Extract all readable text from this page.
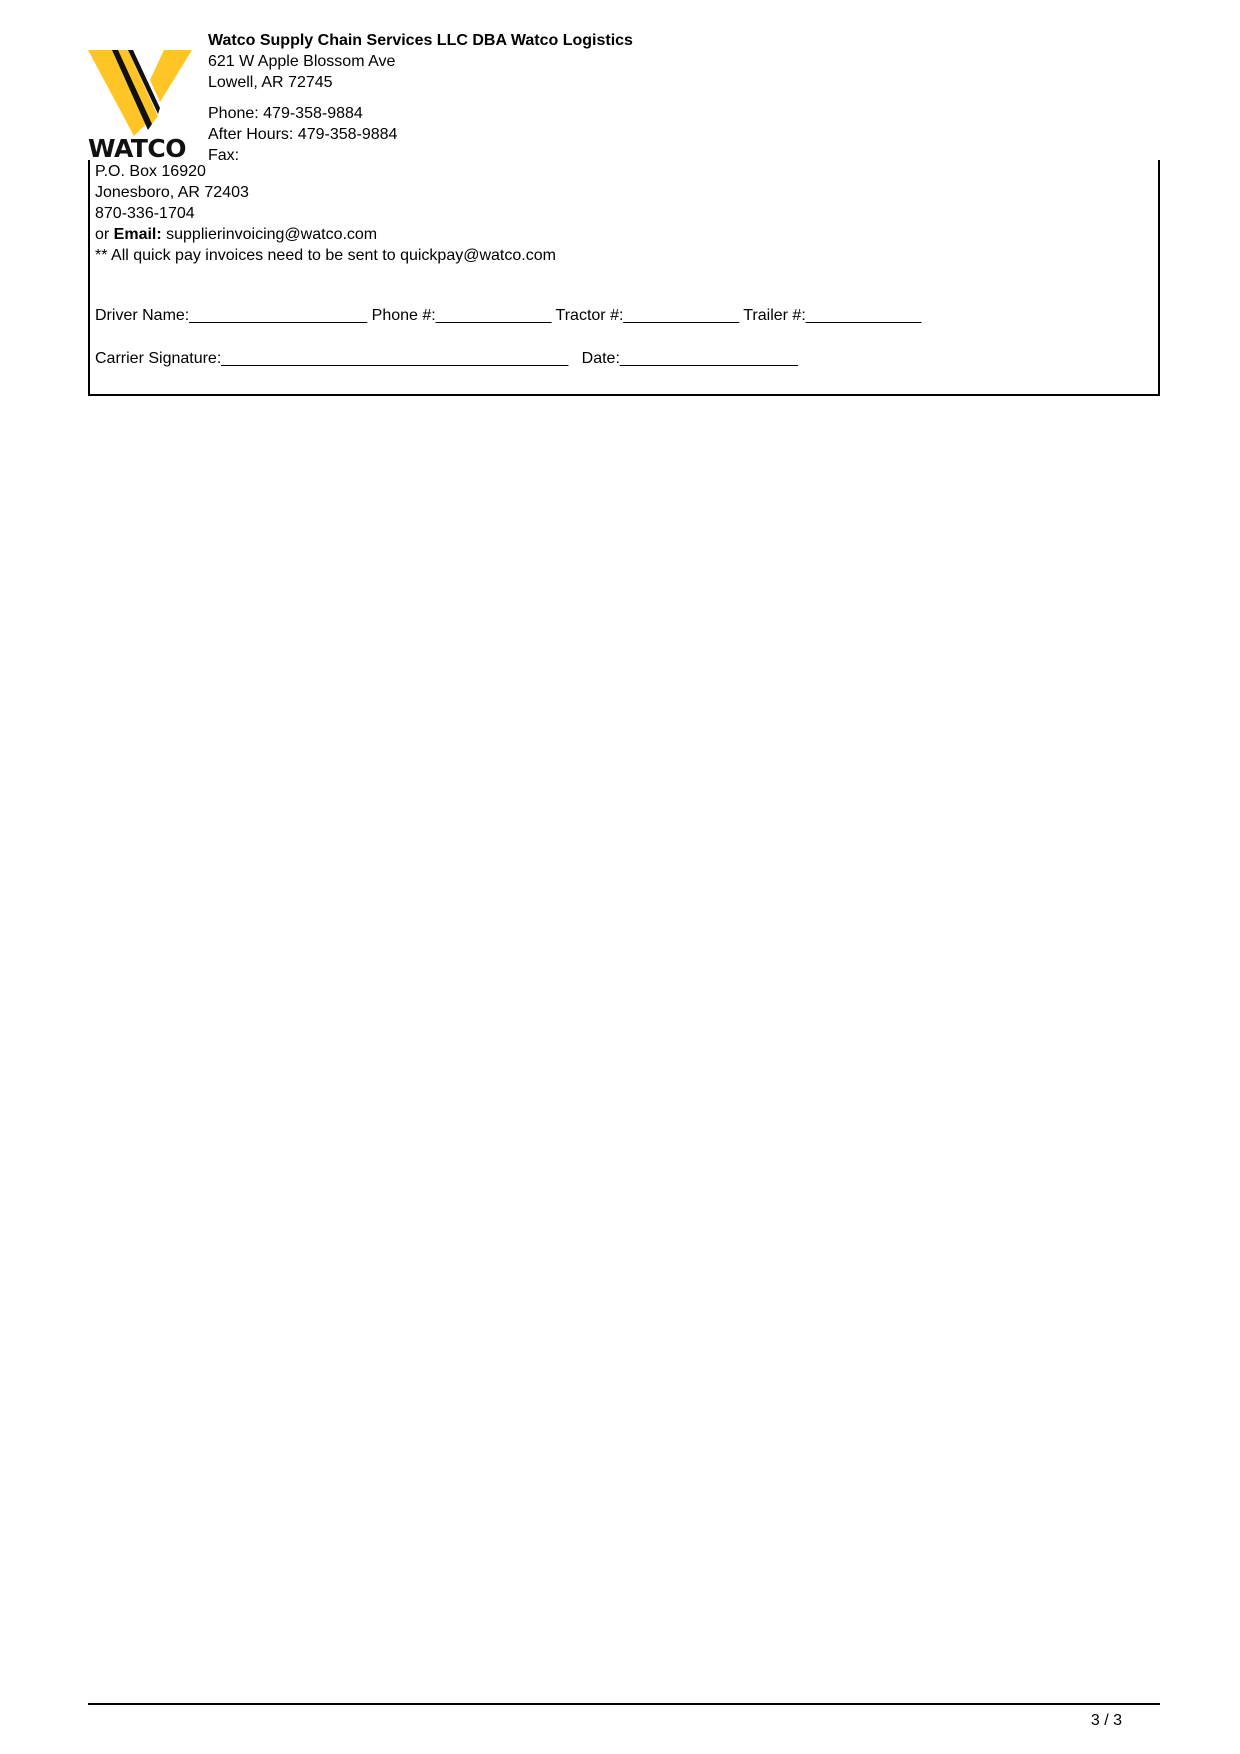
WATCO
Watco Supply Chain Services LLC DBA Watco Logistics
621 W Apple Blossom Ave
Lowell, AR 72745
Phone: 479-358-9884
After Hours: 479-358-9884
Fax:
P.O. Box 16920
Jonesboro, AR 72403
870-336-1704
or Email: supplierinvoicing@watco.com
** All quick pay invoices need to be sent to quickpay@watco.com
Driver Name:____________________ Phone #:_____________ Tractor #:_____________ Trailer #:_____________
Carrier Signature:_______________________________________   Date:____________________
3 / 3
